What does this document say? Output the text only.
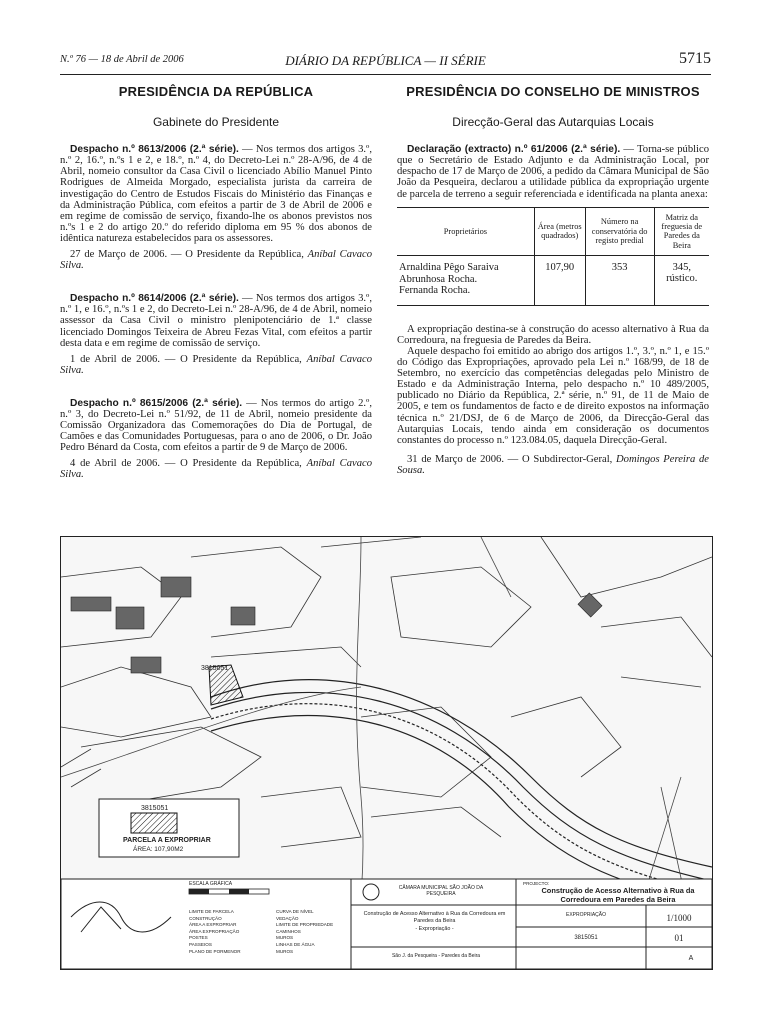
N.º 76 — 18 de Abril de 2006	DIÁRIO DA REPÚBLICA — II SÉRIE	5715
PRESIDÊNCIA DA REPÚBLICA
Gabinete do Presidente

Despacho n.º 8613/2006 (2.ª série). — Nos termos dos artigos 3.º, n.º 2, 16.º, n.ºs 1 e 2, e 18.º, n.º 4, do Decreto-Lei n.º 28-A/96, de 4 de Abril, nomeio consultor da Casa Civil o licenciado Abílio Manuel Pinto Rodrigues de Almeida Morgado, especialista jurista da carreira de investigação do Centro de Estudos Fiscais do Ministério das Finanças e da Administração Pública, com efeitos a partir de 3 de Abril de 2006 e em regime de comissão de serviço, fixando-lhe os abonos previstos nos n.ºs 1 e 2 do artigo 20.º do referido diploma em 95 % dos abonos de idêntica natureza estabelecidos para os assessores.

27 de Março de 2006. — O Presidente da República, Aníbal Cavaco Silva.

Despacho n.º 8614/2006 (2.ª série). — Nos termos dos artigos 3.º, n.º 1, e 16.º, n.ºs 1 e 2, do Decreto-Lei n.º 28-A/96, de 4 de Abril, nomeio assessor da Casa Civil o ministro plenipotenciário de 1.ª classe licenciado Domingos Teixeira de Abreu Fezas Vital, com efeitos a partir desta data e em regime de comissão de serviço.

1 de Abril de 2006. — O Presidente da República, Aníbal Cavaco Silva.

Despacho n.º 8615/2006 (2.ª série). — Nos termos do artigo 2.º, n.º 3, do Decreto-Lei n.º 51/92, de 11 de Abril, nomeio presidente da Comissão Organizadora das Comemorações do Dia de Portugal, de Camões e das Comunidades Portuguesas, para o ano de 2006, o Dr. João Pedro Bénard da Costa, com efeitos a partir de 9 de Março de 2006.

4 de Abril de 2006. — O Presidente da República, Aníbal Cavaco Silva.

PRESIDÊNCIA DO CONSELHO DE MINISTROS
Direcção-Geral das Autarquias Locais

Declaração (extracto) n.º 61/2006 (2.ª série). — Torna-se público que o Secretário de Estado Adjunto e da Administração Local, por despacho de 17 de Março de 2006, a pedido da Câmara Municipal de São João da Pesqueira, declarou a utilidade pública da expropriação urgente de parcela de terreno a seguir referenciada e identificada na planta anexa:

Proprietários	Área (metros quadrados)	Número na conservatória do registo predial	Matriz da freguesia de Paredes da Beira
Arnaldina Pêgo Saraiva Abrunhosa Rocha.
Fernanda Rocha.	107,90	353	345, rústico.

A expropriação destina-se à construção do acesso alternativo à Rua da Corredoura, na freguesia de Paredes da Beira.

Aquele despacho foi emitido ao abrigo dos artigos 1.º, 3.º, n.º 1, e 15.º do Código das Expropriações, aprovado pela Lei n.º 168/99, de 18 de Setembro, no exercício das competências delegadas pelo Ministro de Estado e da Administração Interna, pelo despacho n.º 10 489/2005, publicado no Diário da República, 2.ª série, n.º 91, de 11 de Maio de 2005, e tem os fundamentos de facto e de direito expostos na informação técnica n.º 21/DSJ, de 6 de Março de 2006, da Direcção-Geral das Autarquias Locais, tendo ainda em consideração os documentos constantes do processo n.º 123.084.05, daquela Direcção-Geral.

31 de Março de 2006. — O Subdirector-Geral, Domingos Pereira de Sousa.

3815051
3815051
PARCELA A EXPROPRIAR
ÁREA: 107,90M2
ESCALA GRÁFICA
LIMITE DE PARCELA
CONSTRUÇÃO
ÁREA A EXPROPRIAR
ÁREA EXPROPRIAÇÃO
POSTES
PASSEIOS
PLANO DE PORMENOR
CURVA DE NÍVEL
VEDAÇÃO
LIMITE DE PROPRIEDADE
CAMINHOS
MUROS
LINHAS DE ÁGUA
MUROS
CÂMARA MUNICIPAL SÃO JOÃO DA PESQUEIRA
PROJECTO:
Construção de Acesso Alternativo à Rua da Corredoura em Paredes da Beira
Construção de Acesso Alternativo à Rua da Corredoura em Paredes da Beira
- Expropriação -
São J. da Pesqueira - Paredes da Beira
EXPROPRIAÇÃO
3815051
1/1000
01
A
